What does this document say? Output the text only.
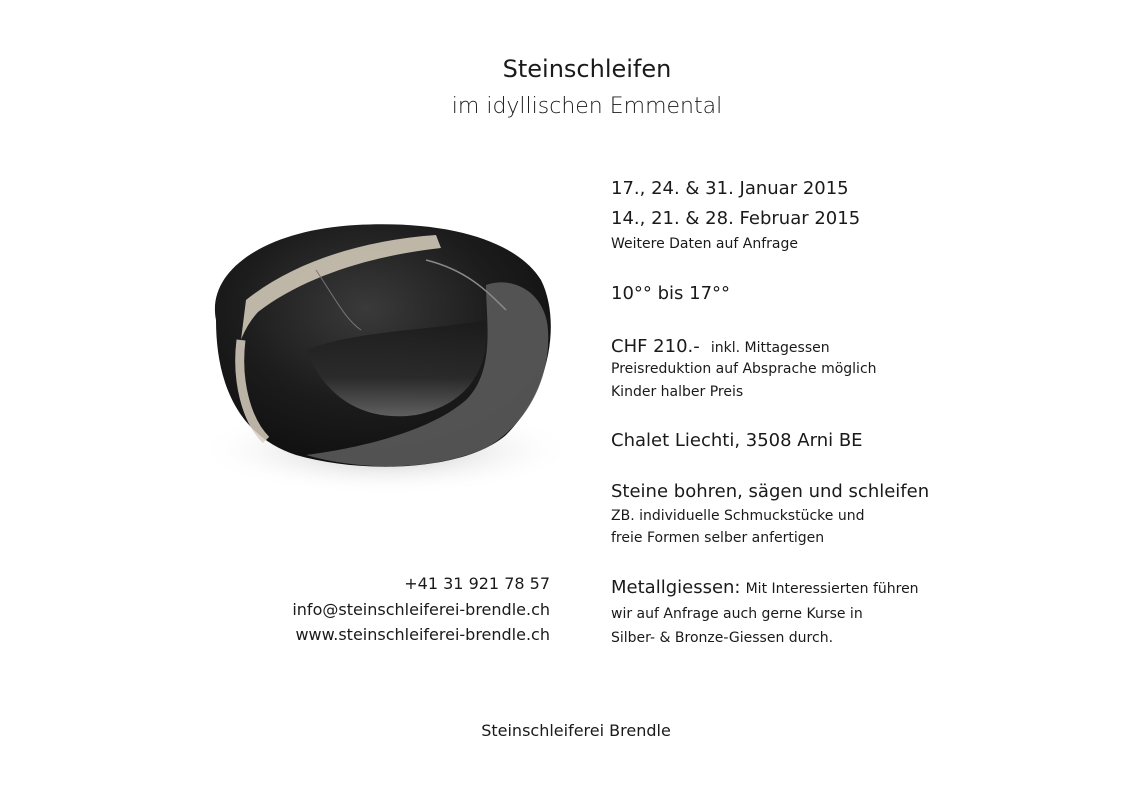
Steinschleifen
im idyllischen Emmental
17., 24. & 31. Januar 2015
14., 21. & 28. Februar 2015
Weitere Daten auf Anfrage
10°° bis 17°°
CHF 210.- inkl. Mittagessen
Preisreduktion auf Absprache möglich
Kinder halber Preis
Chalet Liechti, 3508 Arni BE
Steine bohren, sägen und schleifen
ZB. individuelle Schmuckstücke und
freie Formen selber anfertigen
Metallgiessen: Mit Interessierten führen
wir auf Anfrage auch gerne Kurse in
Silber- & Bronze-Giessen durch.
+41 31 921 78 57
info@steinschleiferei-brendle.ch
www.steinschleiferei-brendle.ch
Steinschleiferei Brendle
